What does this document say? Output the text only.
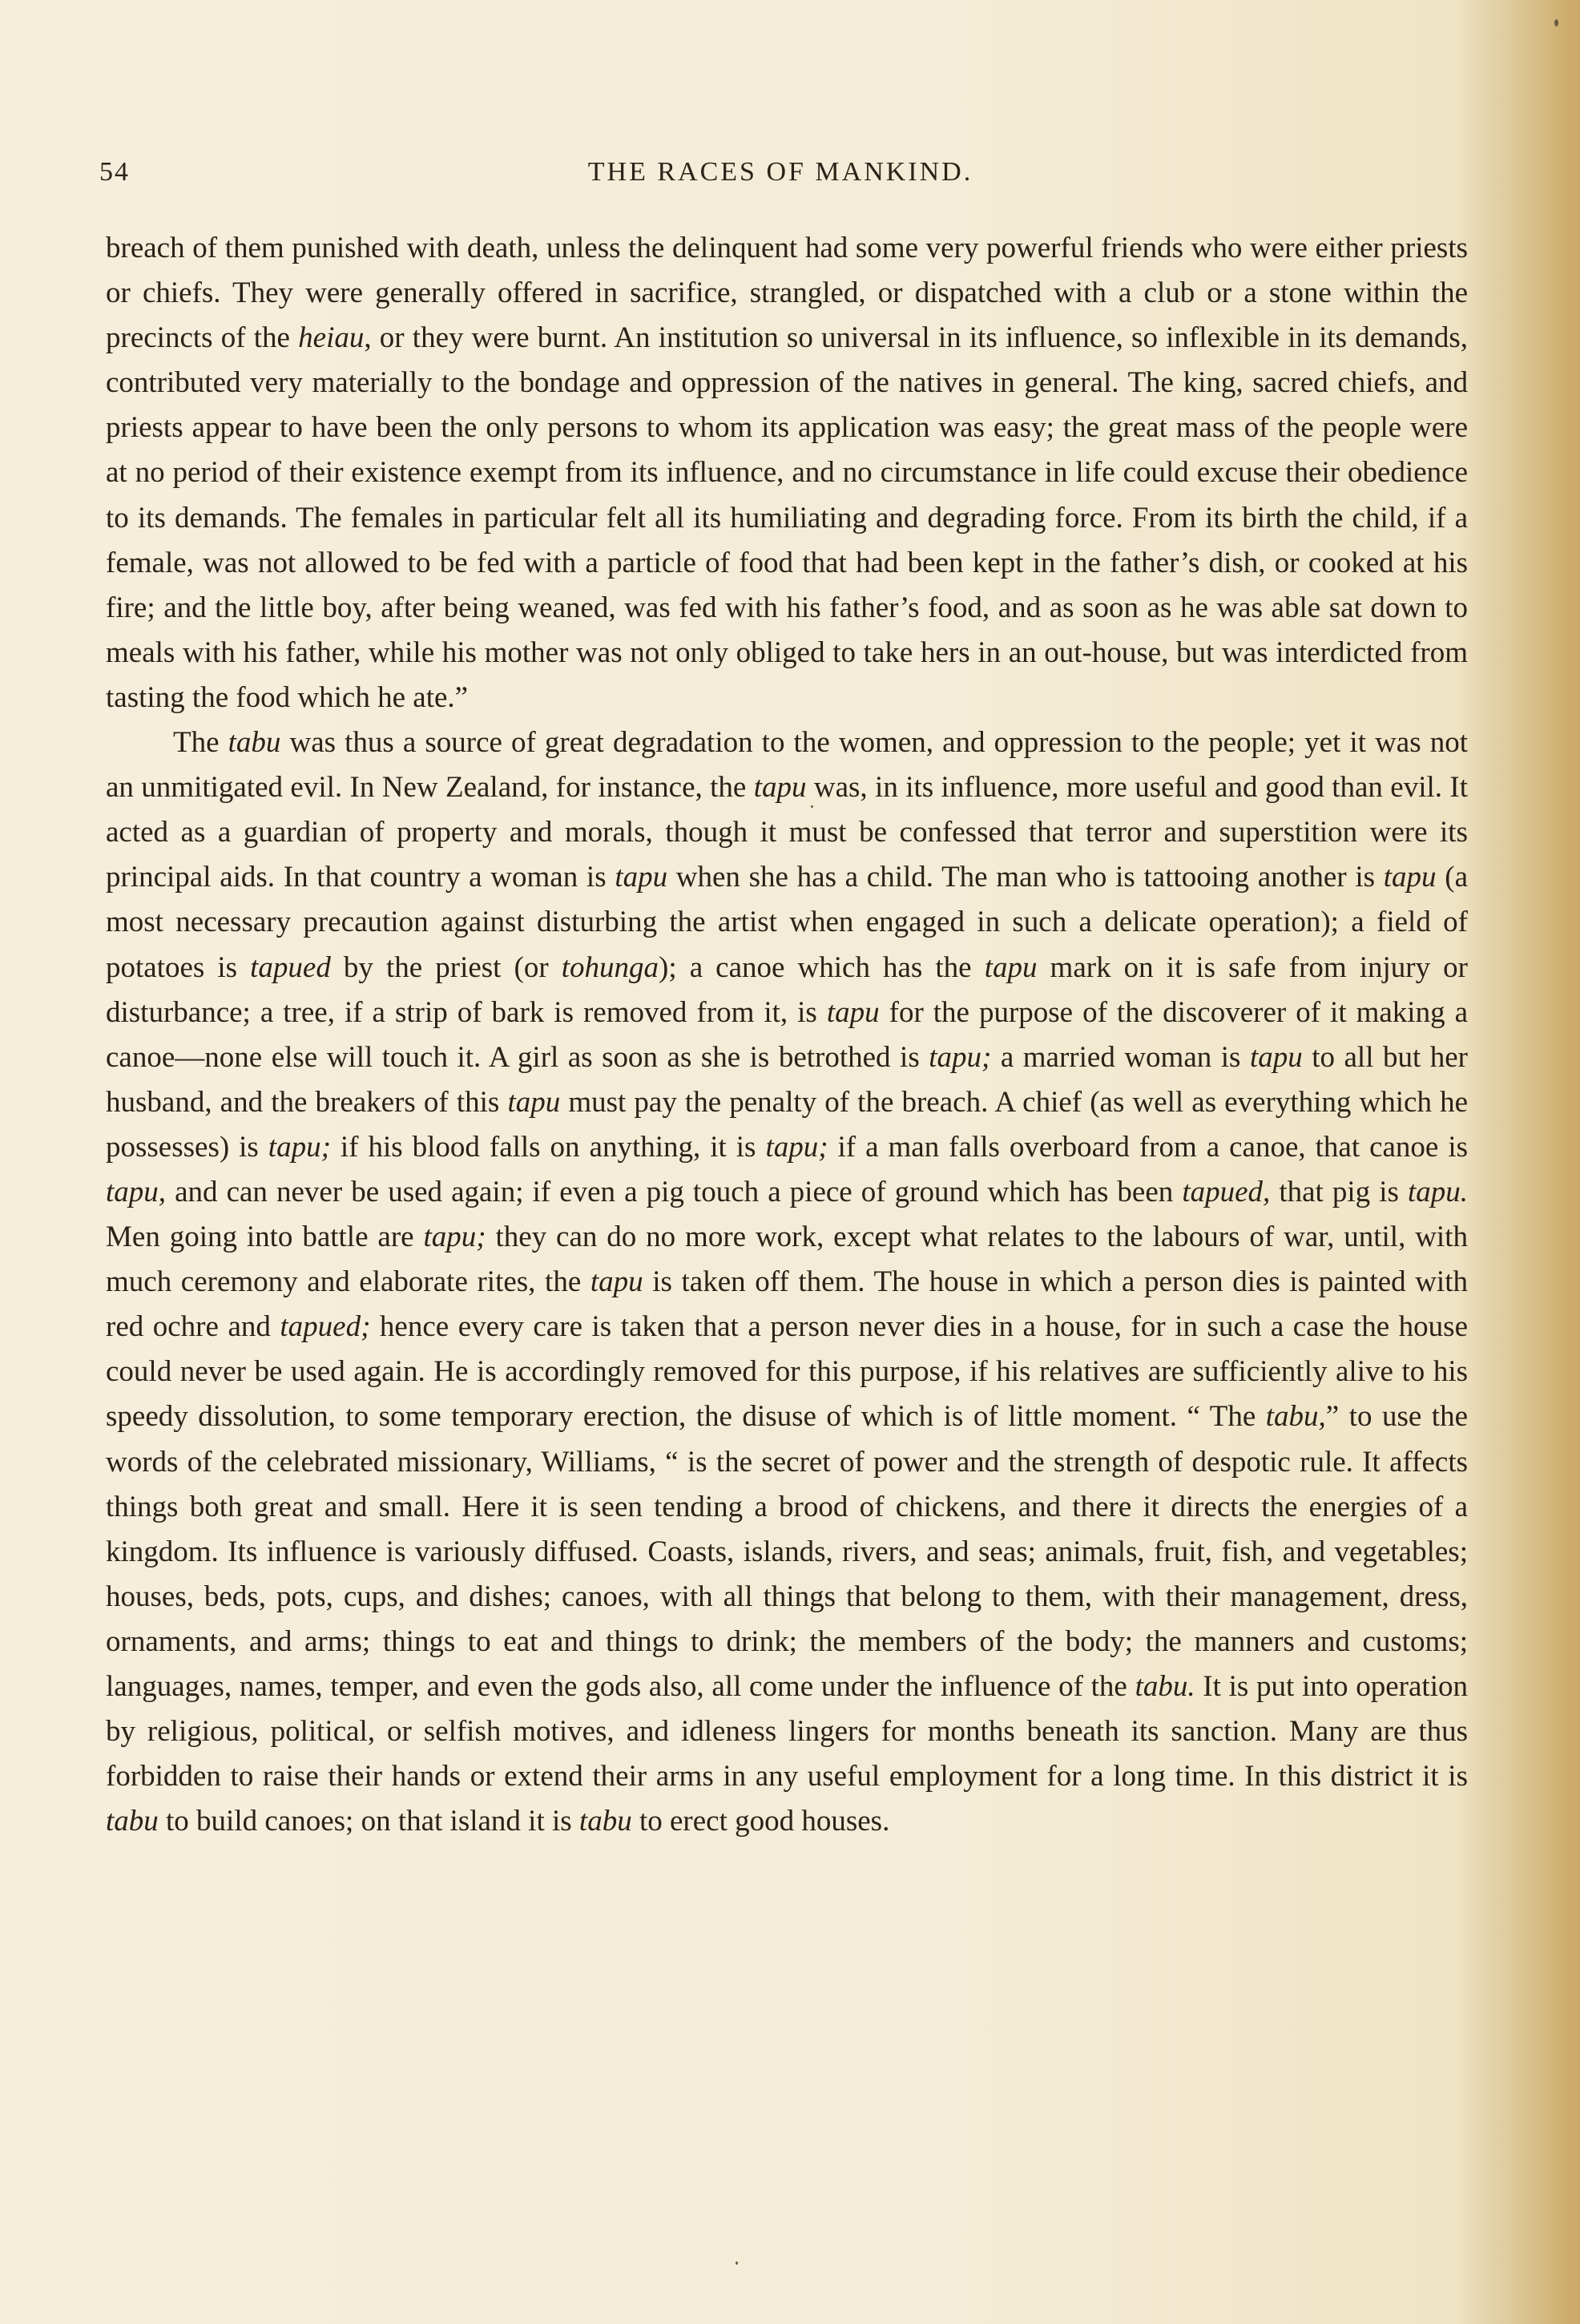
54	THE RACES OF MANKIND.

breach of them punished with death, unless the delinquent had some very powerful friends who were either priests or chiefs. They were generally offered in sacrifice, strangled, or dispatched with a club or a stone within the precincts of the heiau, or they were burnt. An institution so universal in its influence, so inflexible in its demands, contributed very materially to the bondage and oppression of the natives in general. The king, sacred chiefs, and priests appear to have been the only persons to whom its application was easy; the great mass of the people were at no period of their existence exempt from its influence, and no circumstance in life could excuse their obedience to its demands. The females in particular felt all its humiliating and degrading force. From its birth the child, if a female, was not allowed to be fed with a particle of food that had been kept in the father’s dish, or cooked at his fire; and the little boy, after being weaned, was fed with his father’s food, and as soon as he was able sat down to meals with his father, while his mother was not only obliged to take hers in an out-house, but was interdicted from tasting the food which he ate.”

The tabu was thus a source of great degradation to the women, and oppression to the people; yet it was not an unmitigated evil. In New Zealand, for instance, the tapu was, in its influence, more useful and good than evil. It acted as a guardian of property and morals, though it must be confessed that terror and superstition were its principal aids. In that country a woman is tapu when she has a child. The man who is tattooing another is tapu (a most necessary precaution against disturbing the artist when engaged in such a delicate operation); a field of potatoes is tapued by the priest (or tohunga); a canoe which has the tapu mark on it is safe from injury or disturbance; a tree, if a strip of bark is removed from it, is tapu for the purpose of the discoverer of it making a canoe—none else will touch it. A girl as soon as she is betrothed is tapu; a married woman is tapu to all but her husband, and the breakers of this tapu must pay the penalty of the breach. A chief (as well as everything which he possesses) is tapu; if his blood falls on anything, it is tapu; if a man falls overboard from a canoe, that canoe is tapu, and can never be used again; if even a pig touch a piece of ground which has been tapued, that pig is tapu. Men going into battle are tapu; they can do no more work, except what relates to the labours of war, until, with much ceremony and elaborate rites, the tapu is taken off them. The house in which a person dies is painted with red ochre and tapued; hence every care is taken that a person never dies in a house, for in such a case the house could never be used again. He is accordingly removed for this purpose, if his relatives are sufficiently alive to his speedy dissolution, to some temporary erection, the disuse of which is of little moment. “ The tabu,” to use the words of the celebrated missionary, Williams, “ is the secret of power and the strength of despotic rule. It affects things both great and small. Here it is seen tending a brood of chickens, and there it directs the energies of a kingdom. Its influence is variously diffused. Coasts, islands, rivers, and seas; animals, fruit, fish, and vegetables; houses, beds, pots, cups, and dishes; canoes, with all things that belong to them, with their management, dress, ornaments, and arms; things to eat and things to drink; the members of the body; the manners and customs; languages, names, temper, and even the gods also, all come under the influence of the tabu. It is put into operation by religious, political, or selfish motives, and idleness lingers for months beneath its sanction. Many are thus forbidden to raise their hands or extend their arms in any useful employment for a long time. In this district it is tabu to build canoes; on that island it is tabu to erect good houses.
